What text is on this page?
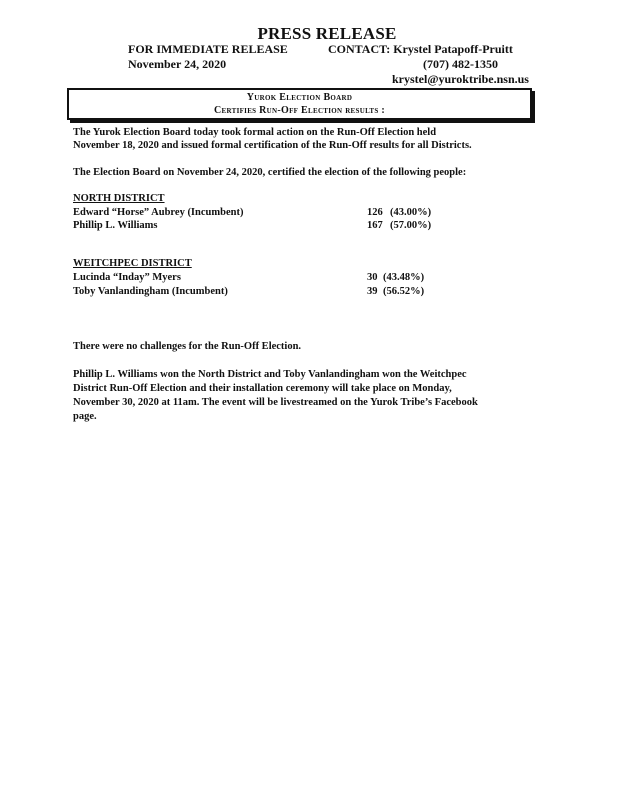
PRESS RELEASE
FOR IMMEDIATE RELEASE
November 24, 2020
CONTACT: Krystel Patapoff-Pruitt
(707) 482-1350
krystel@yuroktribe.nsn.us
Yurok Election Board
Certifies Run-Off Election results :
The Yurok Election Board today took formal action on the Run-Off Election held
November 18, 2020 and issued formal certification of the Run-Off results for all Districts.
The Election Board on November 24, 2020, certified the election of the following people:
NORTH DISTRICT
Edward “Horse” Aubrey (Incumbent)	126 (43.00%)
Phillip L. Williams	167 (57.00%)
WEITCHPEC DISTRICT
Lucinda “Inday” Myers	30 (43.48%)
Toby Vanlandingham (Incumbent)	39 (56.52%)
There were no challenges for the Run-Off Election.
Phillip L. Williams won the North District and Toby Vanlandingham won the Weitchpec
District Run-Off Election and their installation ceremony will take place on Monday,
November 30, 2020 at 11am. The event will be livestreamed on the Yurok Tribe’s Facebook
page.
